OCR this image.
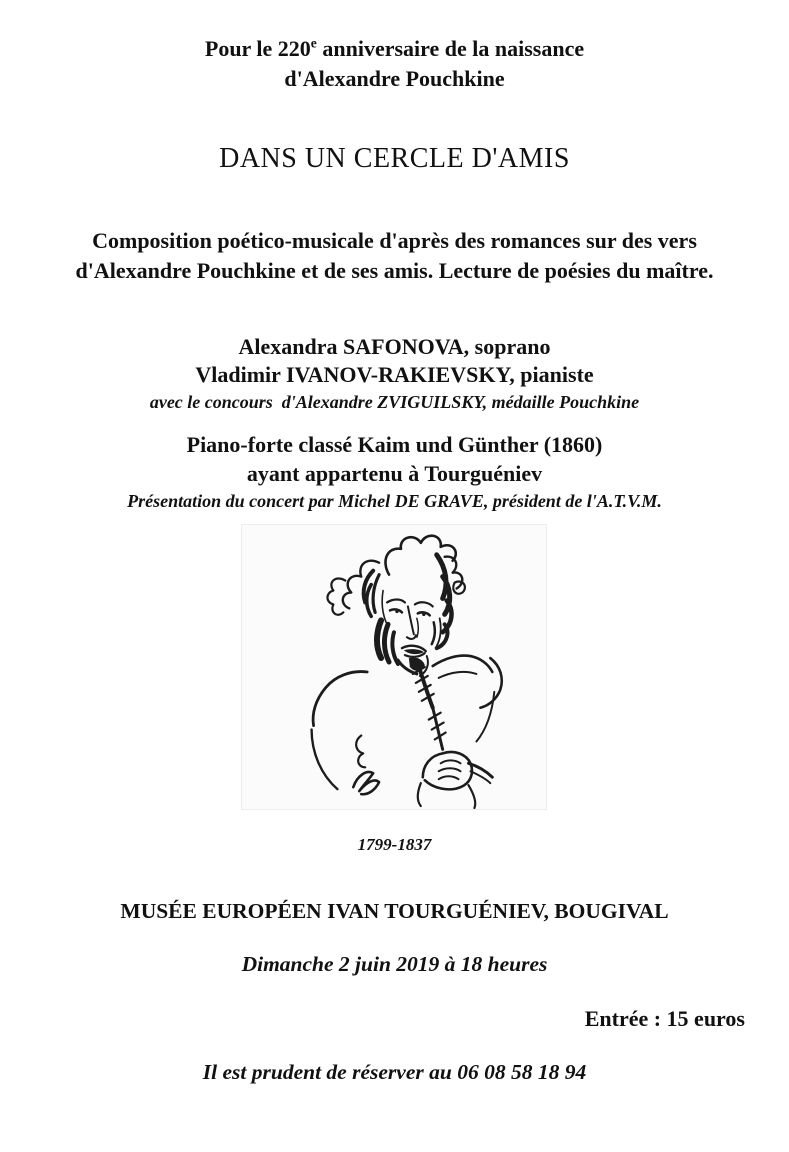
Pour le 220e anniversaire de la naissance
d'Alexandre Pouchkine
DANS UN CERCLE D'AMIS
Composition poético-musicale d'après des romances sur des vers
d'Alexandre Pouchkine et de ses amis. Lecture de poésies du maître.
Alexandra SAFONOVA, soprano
Vladimir IVANOV-RAKIEVSKY, pianiste
avec le concours  d'Alexandre ZVIGUILSKY, médaille Pouchkine
Piano-forte classé Kaim und Günther (1860)
ayant appartenu à Tourguéniev
Présentation du concert par Michel DE GRAVE, président de l'A.T.V.M.
1799-1837
MUSÉE EUROPÉEN IVAN TOURGUÉNIEV, BOUGIVAL
Dimanche 2 juin 2019 à 18 heures
Entrée : 15 euros
Il est prudent de réserver au 06 08 58 18 94
